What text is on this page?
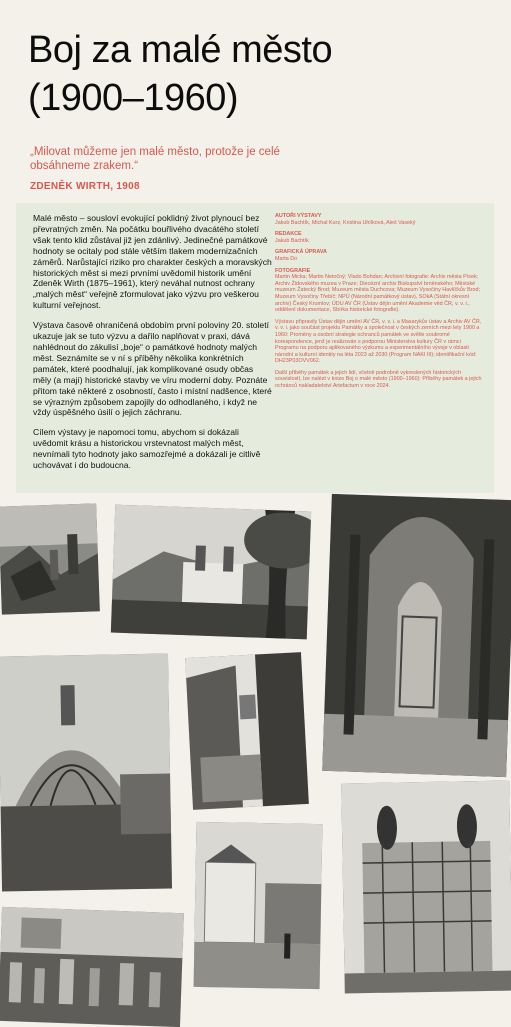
Boj za malé město
(1900–1960)
„Milovat můžeme jen malé město, protože je celé obsáhneme zrakem.“
ZDENĚK WIRTH, 1908

Malé město – sousloví evokující poklidný život plynoucí bez převratných změn. Na počátku bouřlivého dvacátého století však tento klid zůstával již jen zdánlivý. Jedinečné památkové hodnoty se ocitaly pod stále větším tlakem modernizačních záměrů. Narůstající riziko pro charakter českých a moravských historických měst si mezi prvními uvědomil historik umění Zdeněk Wirth (1875–1961), který neváhal nutnost ochrany „malých měst“ veřejně zformulovat jako výzvu pro veškerou kulturní veřejnost.

Výstava časově ohraničená obdobím první poloviny 20. století ukazuje jak se tuto výzvu a dařilo naplňovat v praxi, dává nahlédnout do zákulisí „boje“ o památkové hodnoty malých měst. Seznámíte se v ní s příběhy několika konkrétních památek, které poodhalují, jak komplikované osudy občas měly (a mají) historické stavby ve víru moderní doby. Poznáte přitom také některé z osobností, často i místní nadšence, které se výrazným způsobem zapojily do odhodlaného, i když ne vždy úspěšného úsilí o jejich záchranu.

Cílem výstavy je napomoci tomu, abychom si dokázali uvědomit krásu a historickou vrstevnatost malých měst, nevnímali tyto hodnoty jako samozřejmé a dokázali je citlivě uchovávat i do budoucna.

AUTOŘI VÝSTAVY
Jakub Bachtík, Michal Kurz, Kristina Uhlíková, Aleš Vaseký
REDAKCE
Jakub Bachtík
GRAFICKÁ ÚPRAVA
Marta Do
FOTOGRAFIE
Martin Micka; Martin Netočný; Vlado Bohdan; Archivní fotografie: Archiv města Písek; Archiv Židovského muzea v Praze; Diecézní archiv Biskupství brněnského; Městské muzeum Žatecký Brod; Muzeum města Duchcova; Muzeum Vysočiny Havlíčkův Brod; Muzeum Vysočiny Třebíč; NPÚ (Národní památkový ústav), SOkA (Státní okresní archiv) Český Krumlov; ÚDU AV ČR (Ústav dějin umění Akademie věd ČR, v. v. i., oddělení dokumentace, Sbírka historické fotografie).
Výstavu připravily Ústav dějin umění AV ČR, v. v. i. a Masarykův ústav a Archiv AV ČR, v. v. i. jako součást projektu Památky a společnost v českých zemích mezi lety 1900 a 1960: Proměny a osobní strategie ochranců památek ve světle soukromé korespondence, jenž je realizován s podporou Ministerstva kultury ČR v rámci Programu na podporu aplikovaného výzkumu a experimentálního vývoje v oblasti národní a kulturní identity na léta 2023 až 2030 (Program NAKI III); identifikační kód: DH23P03OVV062.
Další příběhy památek a jejich lidí, včetně podrobně vykreslených historických souvislostí, lze nalézt v knize Boj o malé město (1900–1960): Příběhy památek a jejich ochránců nakladatelství Artefactum v roce 2024.
